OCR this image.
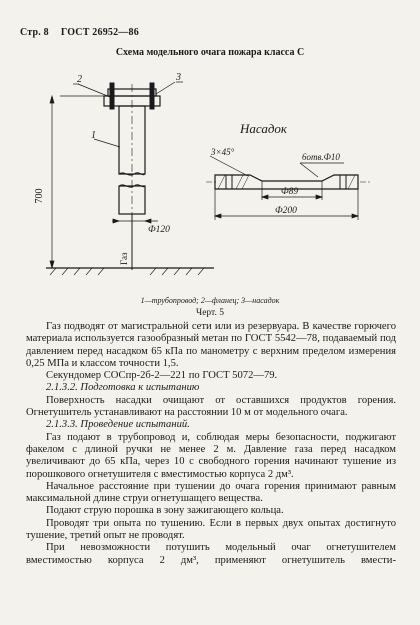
Стр. 8 ГОСТ 26952—86
Схема модельного очага пожара класса С
2	3
1
700
Ф120
Газ
Насадок
3×45°	6отв.Ф10
Ф89
Ф200
1—трубопровод; 2—фланец; 3—насадок
Черт. 5

Газ подводят от магистральной сети или из резервуара. В качестве горючего материала используется газообразный метан по ГОСТ 5542—78, подаваемый под давлением перед насадком 65 кПа по манометру с верхним пределом измерения 0,25 МПа и классом точности 1,5.

Секундомер СОСпр-2б-2—221 по ГОСТ 5072—79.

2.1.3.2. Подготовка к испытанию

Поверхность насадки очищают от оставшихся продуктов горения. Огнетушитель устанавливают на расстоянии 10 м от модельного очага.

2.1.3.3. Проведение испытаний.

Газ подают в трубопровод и, соблюдая меры безопасности, поджигают факелом с длиной ручки не менее 2 м. Давление газа перед насадком увеличивают до 65 кПа, через 10 с свободного горения начинают тушение из порошкового огнетушителя с вместимостью корпуса 2 дм³.

Начальное расстояние при тушении до очага горения принимают равным максимальной длине струи огнетушащего вещества.

Подают струю порошка в зону зажигающего кольца.

Проводят три опыта по тушению. Если в первых двух опытах достигнуто тушение, третий опыт не проводят.

При невозможности потушить модельный очаг огнетушителем вместимостью корпуса 2 дм³, применяют огнетушитель вмести-
